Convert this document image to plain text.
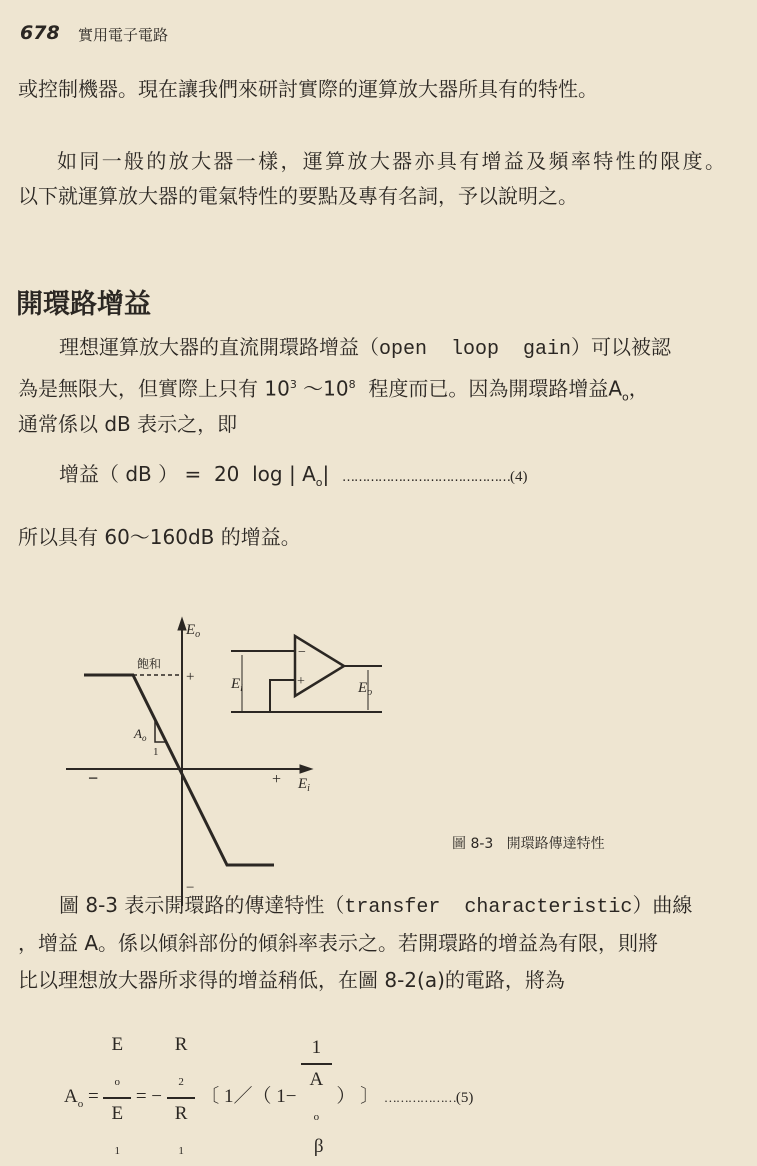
678 實用電子電路
或控制機器。現在讓我們來研討實際的運算放大器所具有的特性。
如同一般的放大器一樣，運算放大器亦具有增益及頻率特性的限度。
以下就運算放大器的電氣特性的要點及專有名詞，予以說明之。
開環路增益
理想運算放大器的直流開環路增益（open  loop  gain）可以被認
為是無限大，但實際上只有 $10^3$ $\sim 10^8$  程度而已。因為開環路增益$A_o$，
通常係以 dB 表示之，即
增益（ dB ） =  20  log | $A_o|$ ……………………………………(4)
所以具有 60～160dB 的增益。
$E_o$
$E_i$
飽和
+
−
+
−
$A_o$
1
−
+
$E_i$	$E_o$
圖 8-3   開環路傳達特性
圖 8-3 表示開環路的傳達特性（transfer  characteristic）曲線
，增益 A。係以傾斜部份的傾斜率表示之。若開環路的增益為有限，則將
比以理想放大器所求得的增益稍低，在圖 8-2(a)的電路，將為
$A_o = E$
$_o$
E
$_1$ = − R
$_2$
R
$_1$ 〔 1／（ 1− 1
A
$_o$
β ） 〕 ………………(5)
